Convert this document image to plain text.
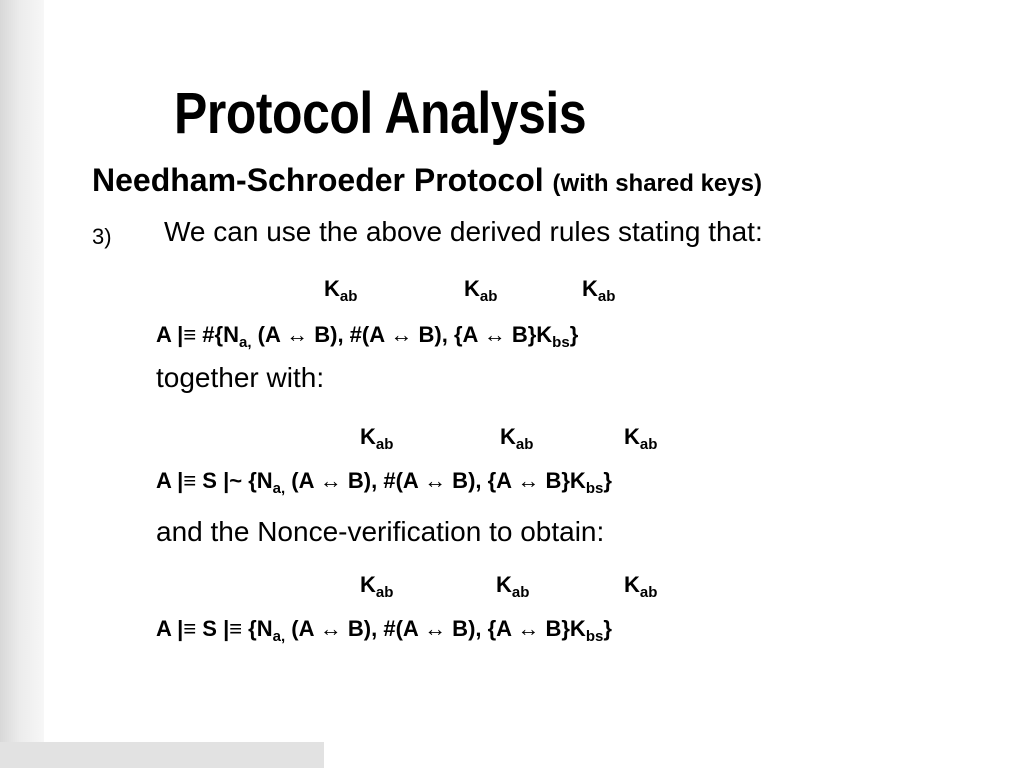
Protocol Analysis
Needham-Schroeder Protocol (with shared keys)
3) We can use the above derived rules stating that:
$K_{ab}$	$K_{ab}$	$K_{ab}$
A |≡ $\#\{N_{a,}$ (A ↔ B), #(A ↔ B), {A ↔ $B\}K_{bs}$}
together with:
$K_{ab}$	$K_{ab}$	$K_{ab}$
A |≡ S |~ {$N_{a,}$ (A ↔ B), #(A ↔ B), {A ↔ $B\}K_{bs}$}
and the Nonce-verification to obtain:
$K_{ab}$	$K_{ab}$	$K_{ab}$
A |≡ S |≡ {$N_{a,}$ (A ↔ B), #(A ↔ B), {A ↔ $B\}K_{bs}$}
